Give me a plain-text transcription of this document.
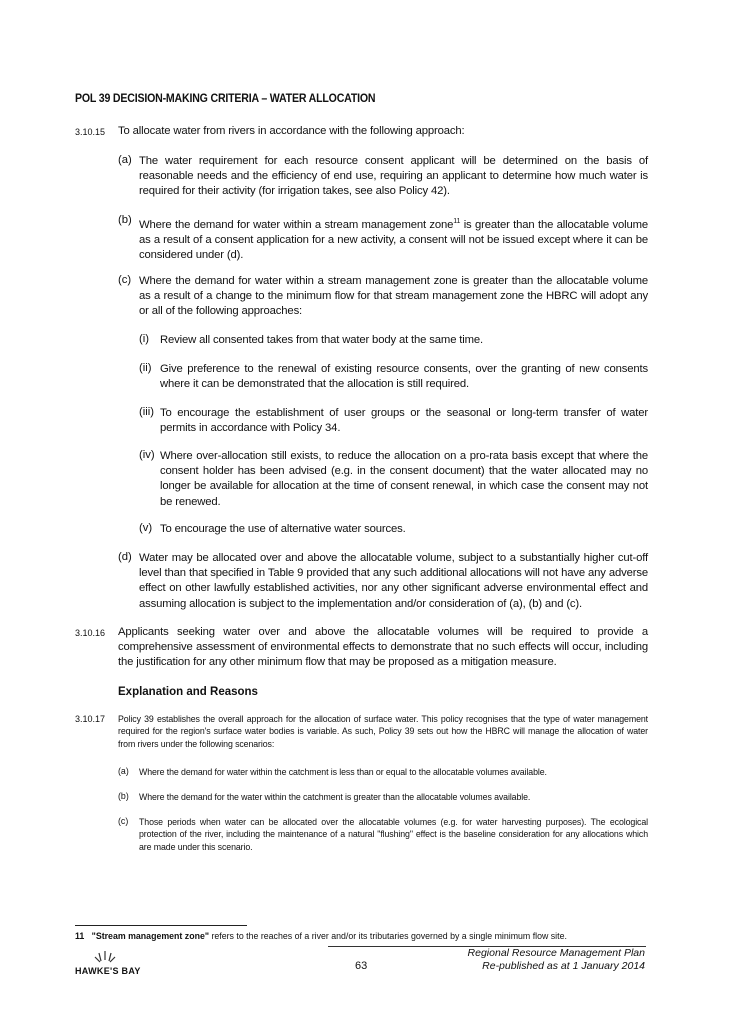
POL 39 DECISION-MAKING CRITERIA – WATER ALLOCATION
3.10.15 To allocate water from rivers in accordance with the following approach:
(a) The water requirement for each resource consent applicant will be determined on the basis of reasonable needs and the efficiency of end use, requiring an applicant to determine how much water is required for their activity (for irrigation takes, see also Policy 42).
(b) Where the demand for water within a stream management zone$^{11}$ is greater than the allocatable volume as a result of a consent application for a new activity, a consent will not be issued except where it can be considered under (d).
(c) Where the demand for water within a stream management zone is greater than the allocatable volume as a result of a change to the minimum flow for that stream management zone the HBRC will adopt any or all of the following approaches:
(i) Review all consented takes from that water body at the same time.
(ii) Give preference to the renewal of existing resource consents, over the granting of new consents where it can be demonstrated that the allocation is still required.
(iii) To encourage the establishment of user groups or the seasonal or long-term transfer of water permits in accordance with Policy 34.
(iv) Where over-allocation still exists, to reduce the allocation on a pro-rata basis except that where the consent holder has been advised (e.g. in the consent document) that the water allocated may no longer be available for allocation at the time of consent renewal, in which case the consent may not be renewed.
(v) To encourage the use of alternative water sources.
(d) Water may be allocated over and above the allocatable volume, subject to a substantially higher cut-off level than that specified in Table 9 provided that any such additional allocations will not have any adverse effect on other lawfully established activities, nor any other significant adverse environmental effect and assuming allocation is subject to the implementation and/or consideration of (a), (b) and (c).
3.10.16 Applicants seeking water over and above the allocatable volumes will be required to provide a comprehensive assessment of environmental effects to demonstrate that no such effects will occur, including the justification for any other minimum flow that may be proposed as a mitigation measure.
Explanation and Reasons
3.10.17 Policy 39 establishes the overall approach for the allocation of surface water. This policy recognises that the type of water management required for the region's surface water bodies is variable. As such, Policy 39 sets out how the HBRC will manage the allocation of water from rivers under the following scenarios:
(a) Where the demand for water within the catchment is less than or equal to the allocatable volumes available.
(b) Where the demand for the water within the catchment is greater than the allocatable volumes available.
(c) Those periods when water can be allocated over the allocatable volumes (e.g. for water harvesting purposes). The ecological protection of the river, including the maintenance of a natural "flushing" effect is the baseline consideration for any allocations which are made under this scenario.
11 "Stream management zone" refers to the reaches of a river and/or its tributaries governed by a single minimum flow site.
HAWKE'S BAY	63
Regional Resource Management Plan
Re-published as at 1 January 2014
